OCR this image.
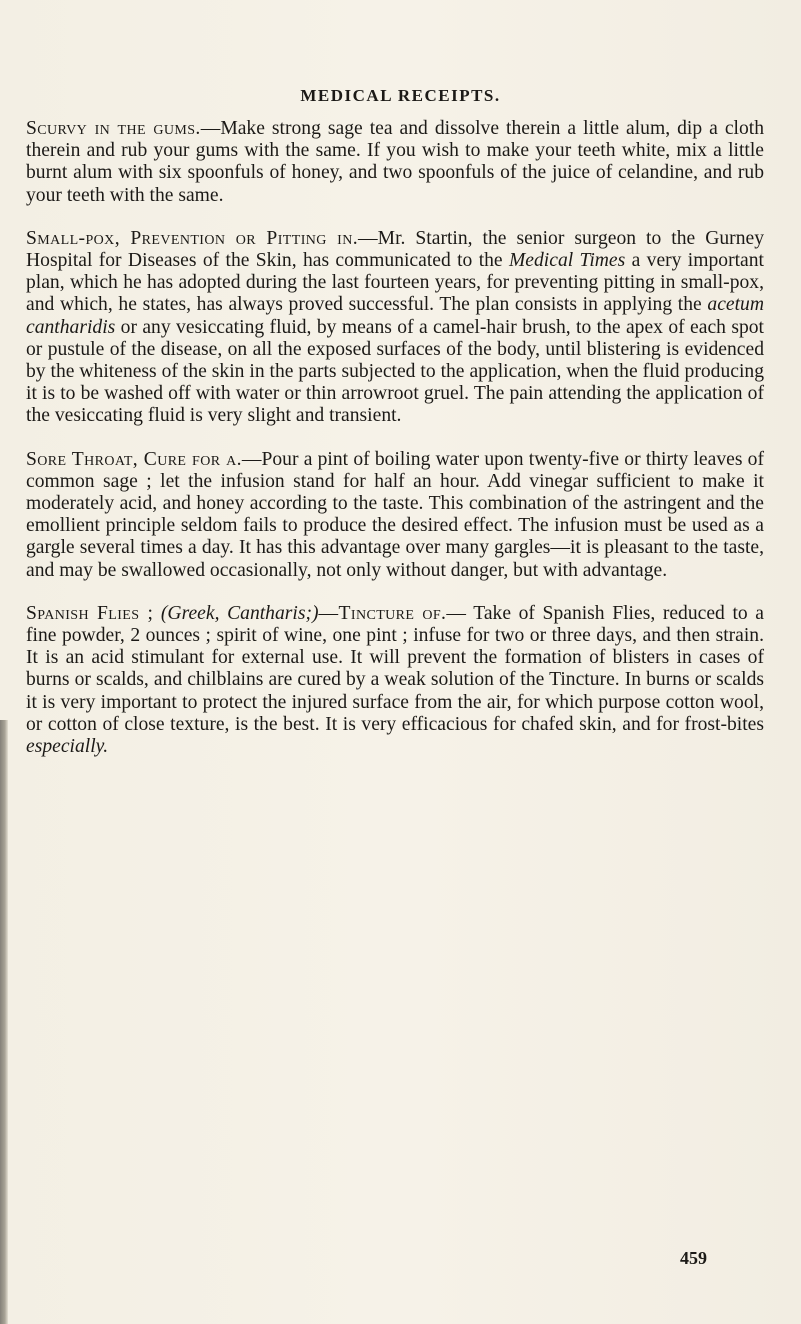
MEDICAL RECEIPTS.

Scurvy in the gums.—Make strong sage tea and dissolve therein a little alum, dip a cloth therein and rub your gums with the same. If you wish to make your teeth white, mix a little burnt alum with six spoonfuls of honey, and two spoonfuls of the juice of celandine, and rub your teeth with the same.

Small-pox, Prevention or Pitting in.—Mr. Startin, the senior surgeon to the Gurney Hospital for Diseases of the Skin, has communicated to the Medical Times a very important plan, which he has adopted during the last fourteen years, for preventing pitting in small-pox, and which, he states, has always proved successful. The plan consists in applying the acetum cantharidis or any vesiccating fluid, by means of a camel-hair brush, to the apex of each spot or pustule of the disease, on all the exposed surfaces of the body, until blistering is evidenced by the whiteness of the skin in the parts subjected to the application, when the fluid producing it is to be washed off with water or thin arrowroot gruel. The pain attending the application of the vesiccating fluid is very slight and transient.

Sore Throat, Cure for a.—Pour a pint of boiling water upon twenty-five or thirty leaves of common sage ; let the infusion stand for half an hour. Add vinegar sufficient to make it moderately acid, and honey according to the taste. This combination of the astringent and the emollient principle seldom fails to produce the desired effect. The infusion must be used as a gargle several times a day. It has this advantage over many gargles—it is pleasant to the taste, and may be swallowed occasionally, not only without danger, but with advantage.

Spanish Flies ; (Greek, Cantharis;)—Tincture of.— Take of Spanish Flies, reduced to a fine powder, 2 ounces ; spirit of wine, one pint ; infuse for two or three days, and then strain. It is an acid stimulant for external use. It will prevent the formation of blisters in cases of burns or scalds, and chilblains are cured by a weak solution of the Tincture. In burns or scalds it is very important to protect the injured surface from the air, for which purpose cotton wool, or cotton of close texture, is the best. It is very efficacious for chafed skin, and for frost-bites especially.

459
